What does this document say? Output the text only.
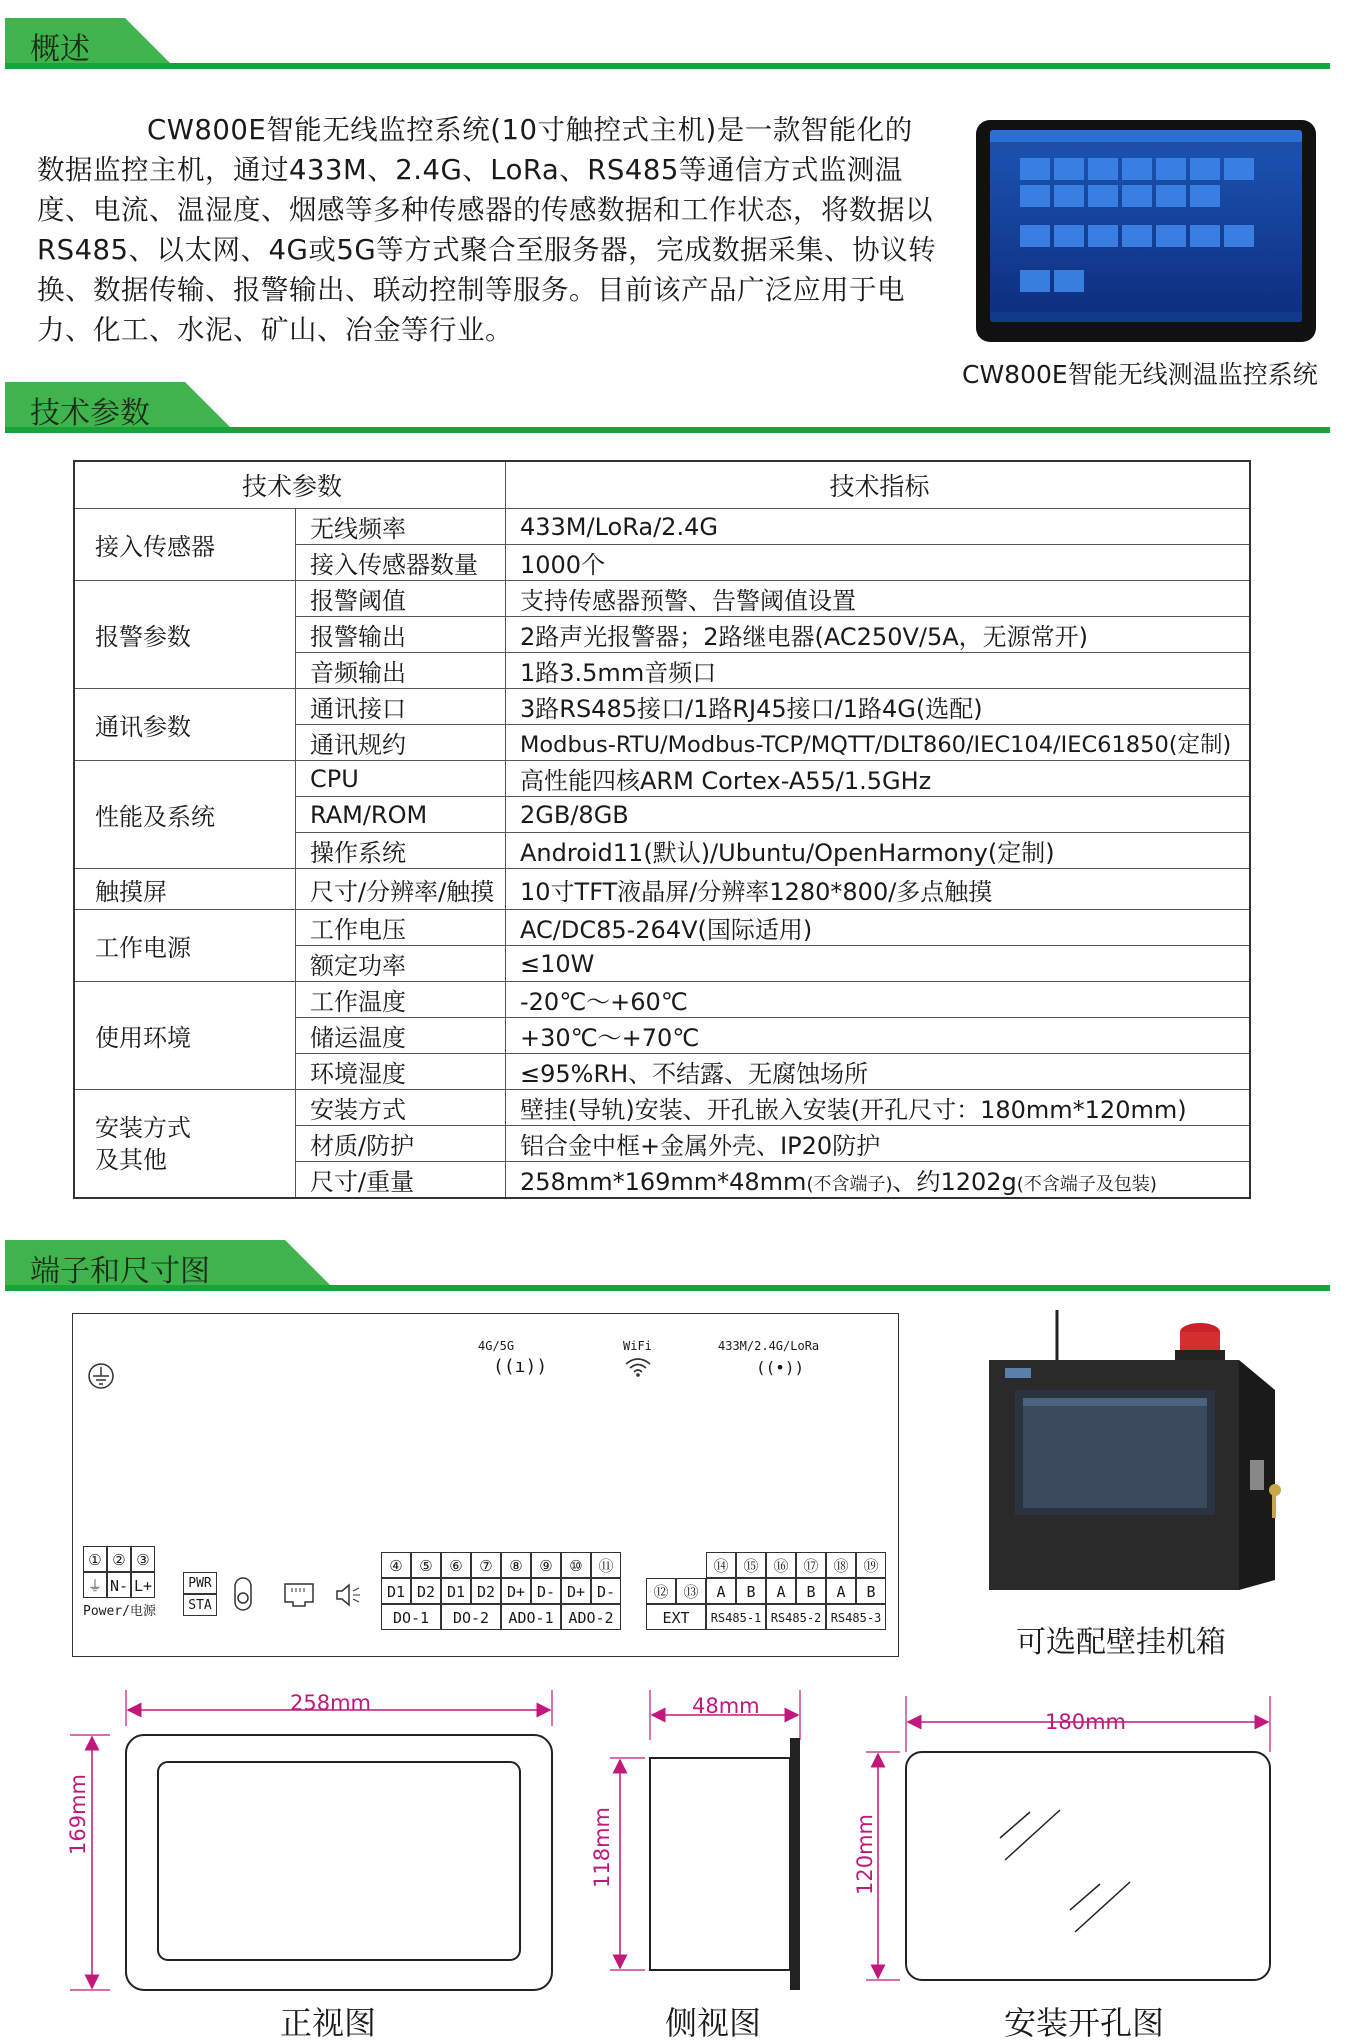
概述
CW800E智能无线监控系统(10寸触控式主机)是一款智能化的数据监控主机，通过433M、2.4G、LoRa、RS485等通信方式监测温度、电流、温湿度、烟感等多种传感器的传感数据和工作状态，将数据以RS485、以太网、4G或5G等方式聚合至服务器，完成数据采集、协议转换、数据传输、报警输出、联动控制等服务。目前该产品广泛应用于电力、化工、水泥、矿山、冶金等行业。
CW800E智能无线测温监控系统
技术参数
技术参数		技术指标
接入传感器	无线频率	433M/LoRa/2.4G
	接入传感器数量	1000个
报警参数	报警阈值	支持传感器预警、告警阈值设置
	报警输出	2路声光报警器；2路继电器(AC250V/5A，无源常开)
	音频输出	1路3.5mm音频口
通讯参数	通讯接口	3路RS485接口/1路RJ45接口/1路4G(选配)
	通讯规约	Modbus-RTU/Modbus-TCP/MQTT/DLT860/IEC104/IEC61850(定制)
性能及系统	CPU	高性能四核ARM Cortex-A55/1.5GHz
	RAM/ROM	2GB/8GB
	操作系统	Android11(默认)/Ubuntu/OpenHarmony(定制)
触摸屏	尺寸/分辨率/触摸	10寸TFT液晶屏/分辨率1280*800/多点触摸
工作电源	工作电压	AC/DC85-264V(国际适用)
	额定功率	≤10W
使用环境	工作温度	-20℃～+60℃
	储运温度	+30℃～+70℃
	环境湿度	≤95%RH、不结露、无腐蚀场所
安装方式
及其他	安装方式	壁挂(导轨)安装、开孔嵌入安装(开孔尺寸：180mm*120mm)
	材质/防护	铝合金中框+金属外壳、IP20防护
	尺寸/重量	258mm*169mm*48mm(不含端子)、约1202g(不含端子及包装)
端子和尺寸图
4G/5G
((ı))
WiFi	433M/2.4G/LoRa
((•))
① ② ③
⏚ N- L+
Power/电源
PWR
STA
④	⑤	⑥	⑦	⑧	⑨	⑩	⑪
D1 D2 D1 D2 D+ D- D+ D-
DO-1	DO-2	ADO-1 ADO-2
⑫ ⑬
EXT
⑭ ⑮ ⑯ ⑰ ⑱ ⑲
A	B	A	B	A	B
RS485-1 RS485-2 RS485-3
可选配壁挂机箱
258mm
169mm
48mm
118mm
180mm
120mm
正视图	侧视图	安装开孔图
